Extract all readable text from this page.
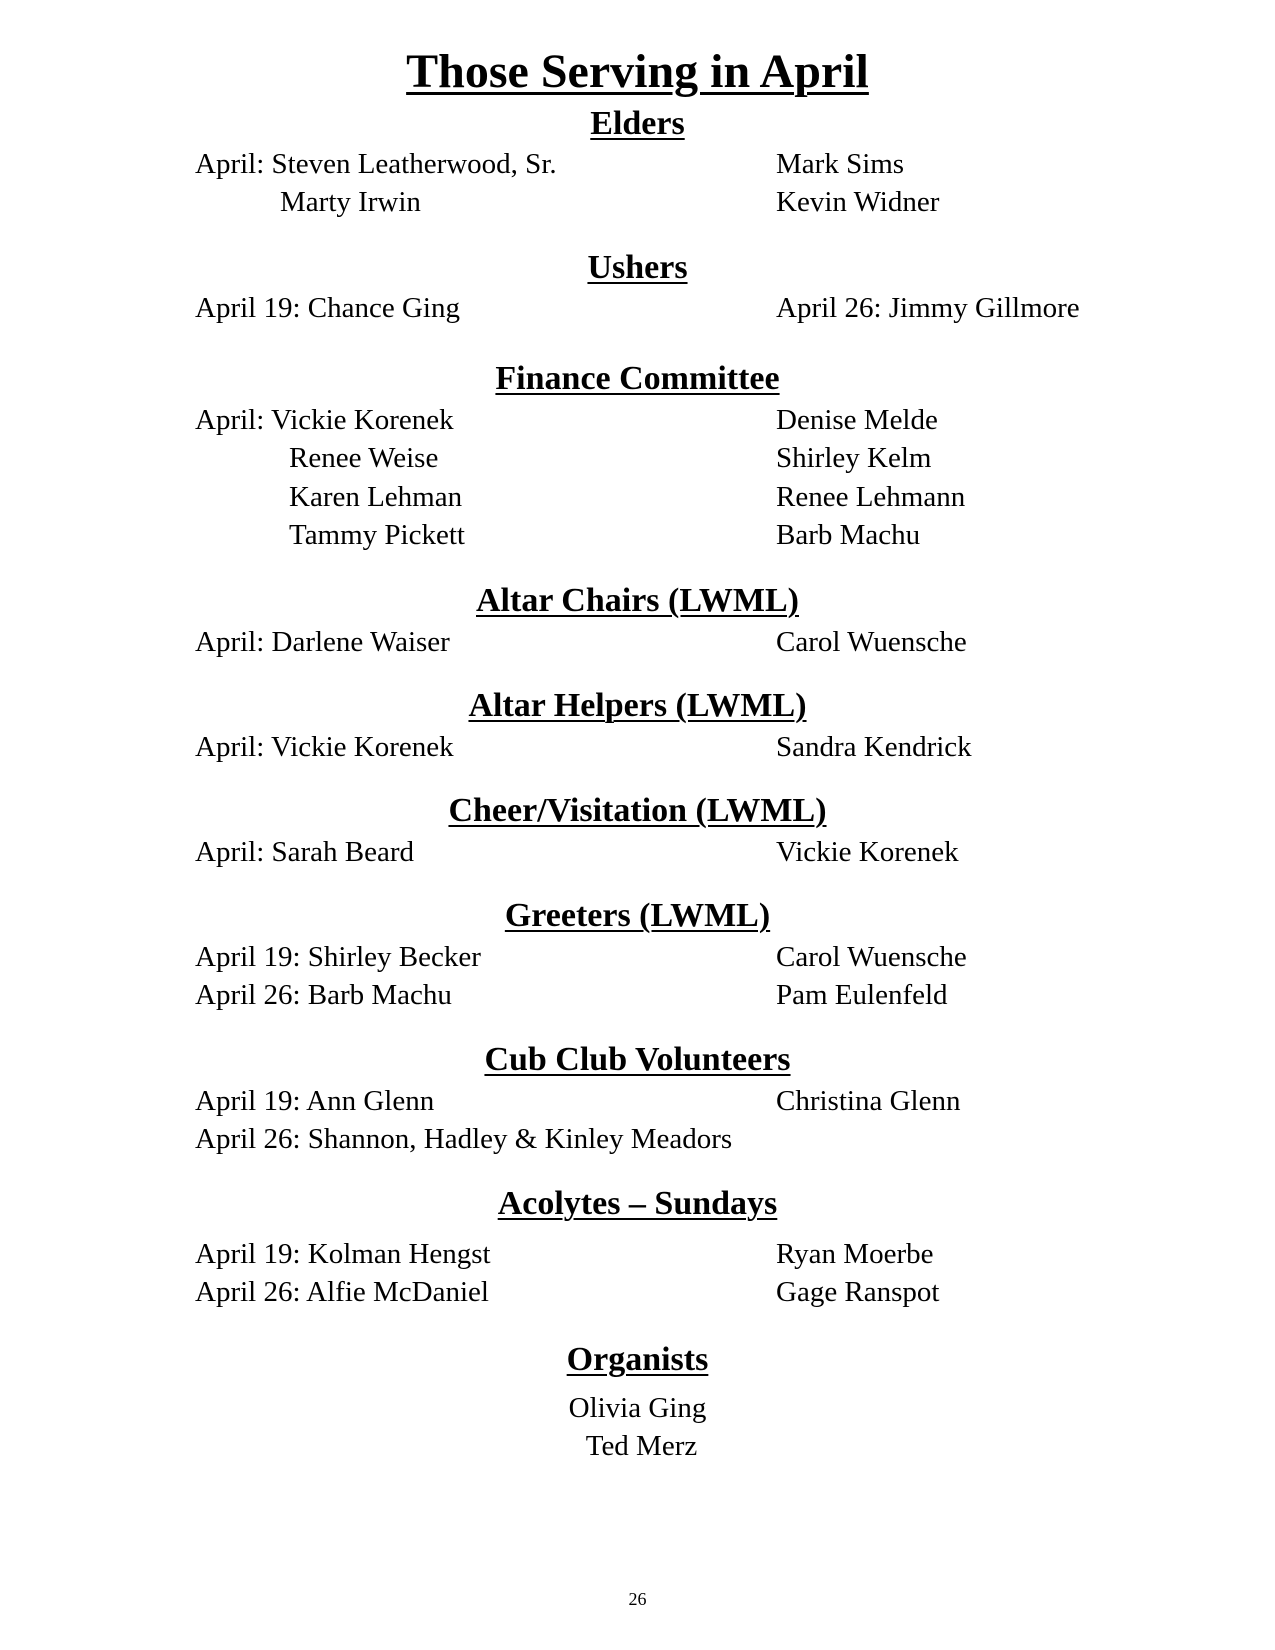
Those Serving in April
Elders
April: Steven Leatherwood, Sr.	Mark Sims
Marty Irwin	Kevin Widner
Ushers
April 19: Chance Ging	April 26: Jimmy Gillmore
Finance Committee
April: Vickie Korenek	Denise Melde
Renee Weise	Shirley Kelm
Karen Lehman	Renee Lehmann
Tammy Pickett	Barb Machu
Altar Chairs (LWML)
April: Darlene Waiser	Carol Wuensche
Altar Helpers (LWML)
April: Vickie Korenek	Sandra Kendrick
Cheer/Visitation (LWML)
April: Sarah Beard	Vickie Korenek
Greeters (LWML)
April 19: Shirley Becker	Carol Wuensche
April 26: Barb Machu	Pam Eulenfeld
Cub Club Volunteers
April 19: Ann Glenn	Christina Glenn
April 26: Shannon, Hadley & Kinley Meadors
Acolytes – Sundays
April 19: Kolman Hengst	Ryan Moerbe
April 26: Alfie McDaniel	Gage Ranspot
Organists
Olivia Ging
Ted Merz
26
